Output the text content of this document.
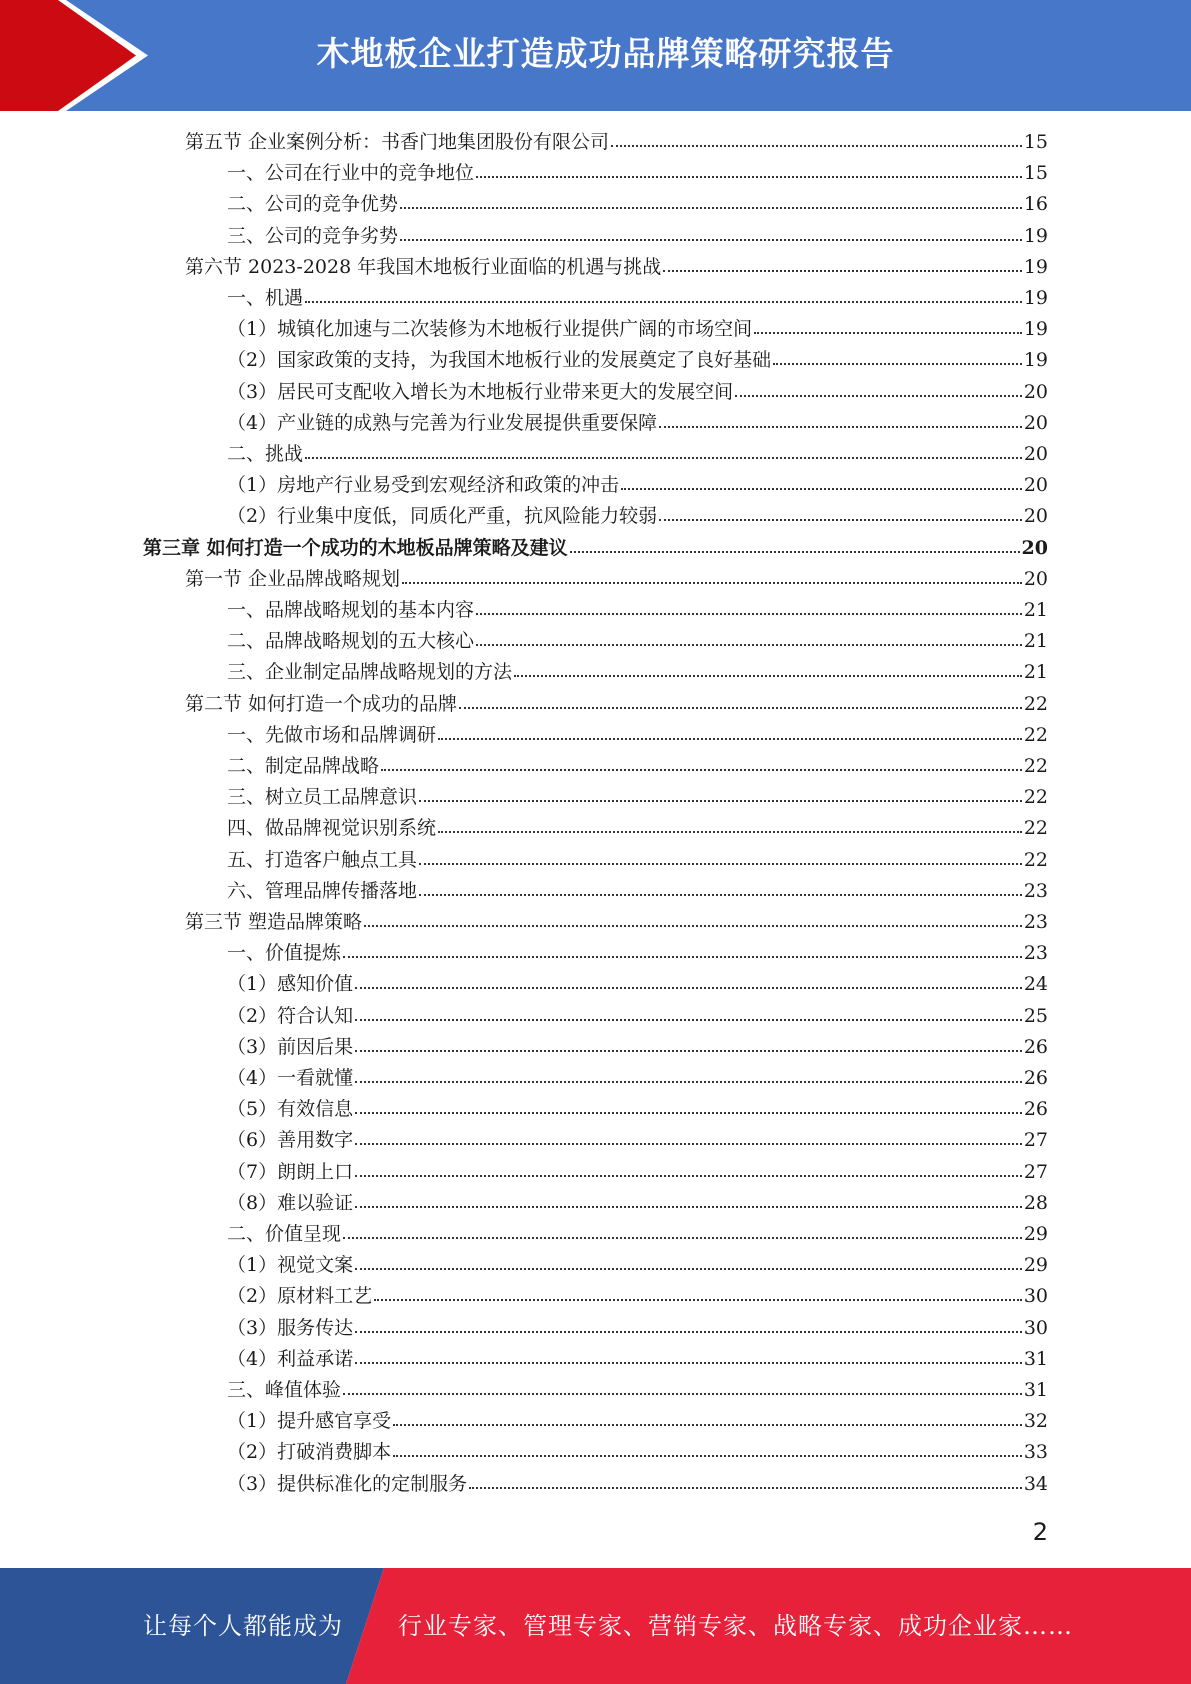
木地板企业打造成功品牌策略研究报告
第五节 企业案例分析：书香门地集团股份有限公司	15
一、公司在行业中的竞争地位	15
二、公司的竞争优势	16
三、公司的竞争劣势	19
第六节 2023-2028 年我国木地板行业面临的机遇与挑战	19
一、机遇	19
（1）城镇化加速与二次装修为木地板行业提供广阔的市场空间	19
（2）国家政策的支持，为我国木地板行业的发展奠定了良好基础	19
（3）居民可支配收入增长为木地板行业带来更大的发展空间	20
（4）产业链的成熟与完善为行业发展提供重要保障	20
二、挑战	20
（1）房地产行业易受到宏观经济和政策的冲击	20
（2）行业集中度低，同质化严重，抗风险能力较弱	20
第三章 如何打造一个成功的木地板品牌策略及建议	20
第一节 企业品牌战略规划	20
一、品牌战略规划的基本内容	21
二、品牌战略规划的五大核心	21
三、企业制定品牌战略规划的方法	21
第二节 如何打造一个成功的品牌	22
一、先做市场和品牌调研	22
二、制定品牌战略	22
三、树立员工品牌意识	22
四、做品牌视觉识别系统	22
五、打造客户触点工具	22
六、管理品牌传播落地	23
第三节 塑造品牌策略	23
一、价值提炼	23
（1）感知价值	24
（2）符合认知	25
（3）前因后果	26
（4）一看就懂	26
（5）有效信息	26
（6）善用数字	27
（7）朗朗上口	27
（8）难以验证	28
二、价值呈现	29
（1）视觉文案	29
（2）原材料工艺	30
（3）服务传达	30
（4）利益承诺	31
三、峰值体验	31
（1）提升感官享受	32
（2）打破消费脚本	33
（3）提供标准化的定制服务	34
2
让每个人都能成为 行业专家、管理专家、营销专家、战略专家、成功企业家……
